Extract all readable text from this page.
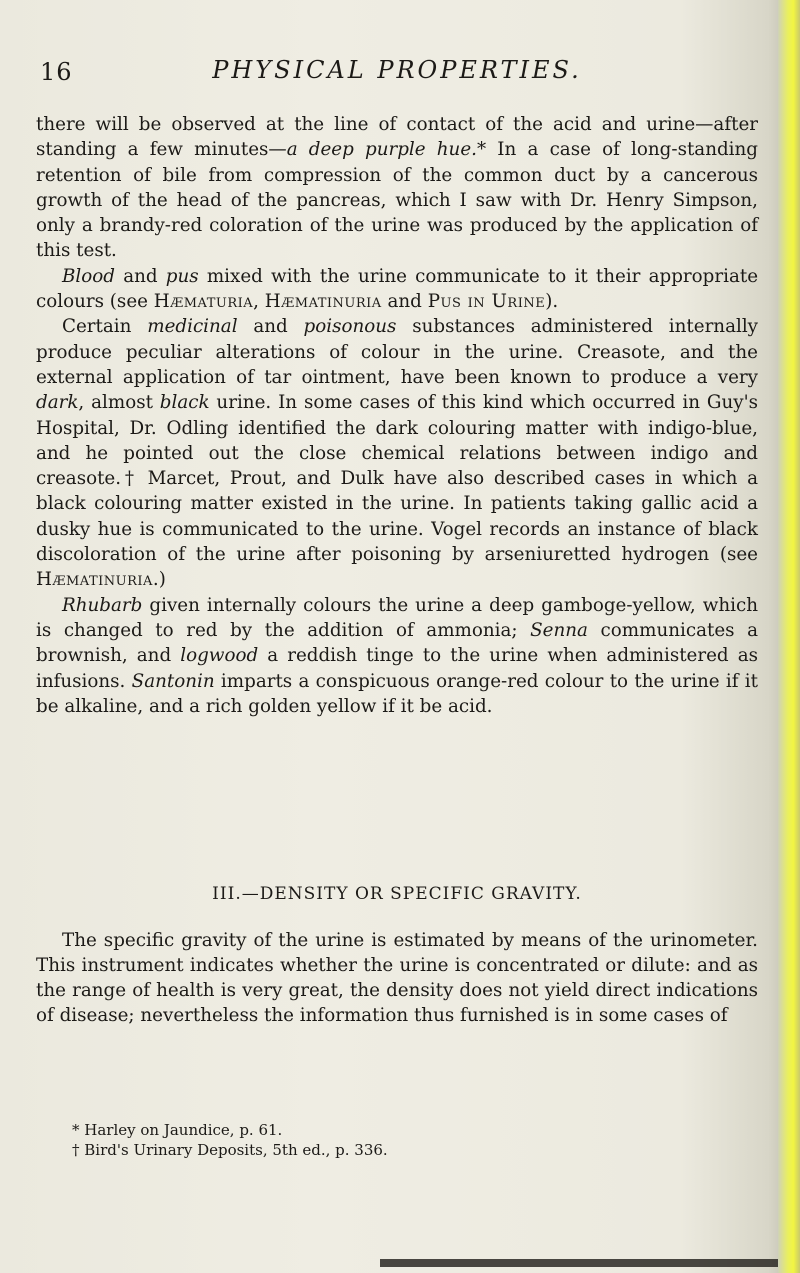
16	PHYSICAL PROPERTIES.

there will be observed at the line of contact of the acid and urine—after standing a few minutes—a deep purple hue.* In a case of long-standing retention of bile from compression of the common duct by a cancerous growth of the head of the pancreas, which I saw with Dr. Henry Simpson, only a brandy-red coloration of the urine was produced by the application of this test.

Blood and pus mixed with the urine communicate to it their appropriate colours (see Hæmaturia, Hæmatinuria and Pus in Urine).

Certain medicinal and poisonous substances administered internally produce peculiar alterations of colour in the urine. Creasote, and the external application of tar ointment, have been known to produce a very dark, almost black urine. In some cases of this kind which occurred in Guy's Hospital, Dr. Odling identified the dark colouring matter with indigo-blue, and he pointed out the close chemical relations between indigo and creasote.† Marcet, Prout, and Dulk have also described cases in which a black colouring matter existed in the urine. In patients taking gallic acid a dusky hue is communicated to the urine. Vogel records an instance of black discoloration of the urine after poisoning by arseniuretted hydrogen (see Hæmatinuria.)

Rhubarb given internally colours the urine a deep gamboge-yellow, which is changed to red by the addition of ammonia; Senna communicates a brownish, and logwood a reddish tinge to the urine when administered as infusions. Santonin imparts a conspicuous orange-red colour to the urine if it be alkaline, and a rich golden yellow if it be acid.

III.—DENSITY OR SPECIFIC GRAVITY.

The specific gravity of the urine is estimated by means of the urinometer. This instrument indicates whether the urine is concentrated or dilute: and as the range of health is very great, the density does not yield direct indications of disease; nevertheless the information thus furnished is in some cases of

* Harley on Jaundice, p. 61.
† Bird's Urinary Deposits, 5th ed., p. 336.
